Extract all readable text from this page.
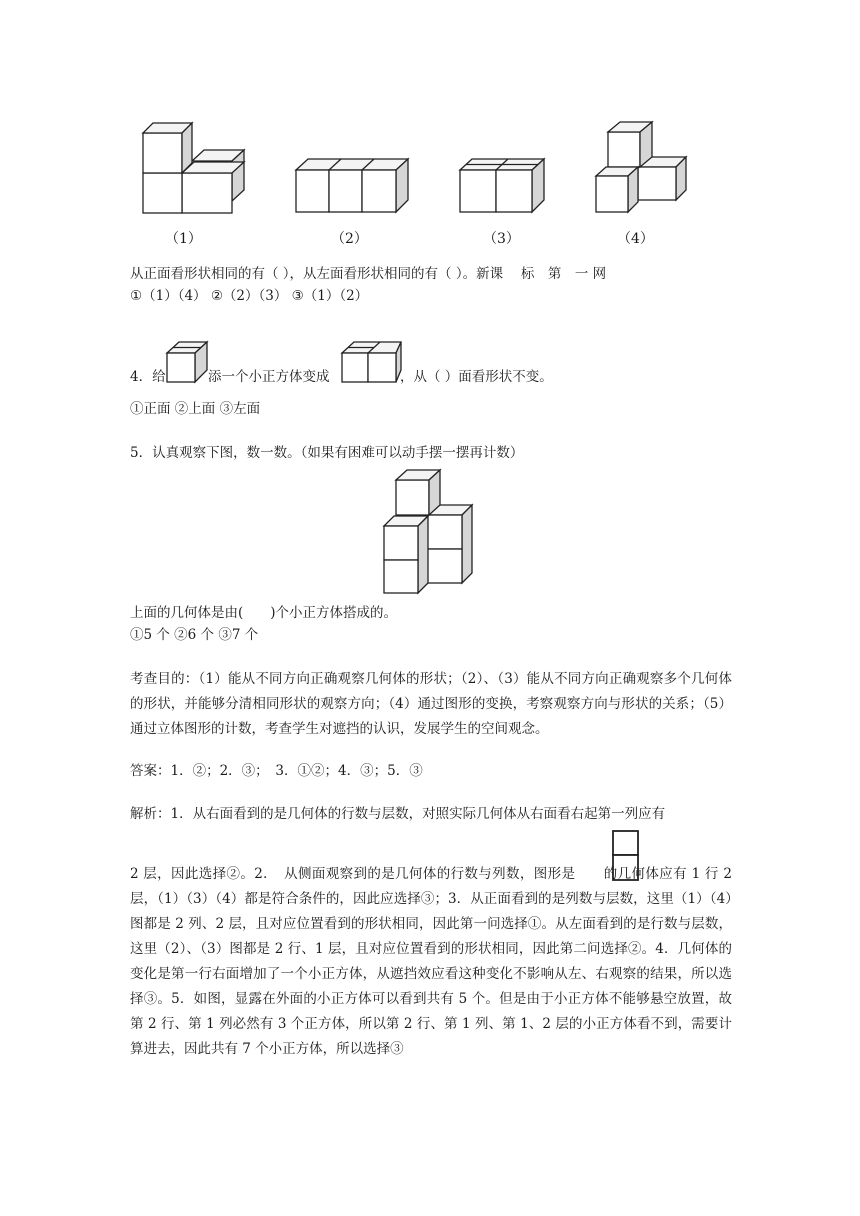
（1）	（2）	（3）	（4）

从正面看形状相同的有（ ），从左面看形状相同的有（ ）。新课　 标　第　一 网

①（1）（4） ②（2）（3） ③（1）（2）

4．给	添一个小正方体变成	，从（ ）面看形状不变。

①正面 ②上面 ③左面

5．认真观察下图，数一数。（如果有困难可以动手摆一摆再计数）

上面的几何体是由(　　)个小正方体搭成的。

①5 个 ②6 个 ③7 个

考查目的：（1）能从不同方向正确观察几何体的形状；（2）、（3）能从不同方向正确观察多个几何体的形状，并能够分清相同形状的观察方向；（4）通过图形的变换，考察观察方向与形状的关系；（5）通过立体图形的计数，考查学生对遮挡的认识，发展学生的空间观念。

答案：1．②；2．③；　3．①②；4．③；5．③

解析：1．从右面看到的是几何体的行数与层数，对照实际几何体从右面看右起第一列应有

2 层，因此选择②。2．　从侧面观察到的是几何体的行数与列数，图形是 的几何体应有 1 行 2 层，（1）（3）（4）都是符合条件的，因此应选择③；3．从正面看到的是列数与层数，这里（1）（4）图都是 2 列、2 层，且对应位置看到的形状相同，因此第一问选择①。从左面看到的是行数与层数，这里（2）、（3）图都是 2 行、1 层，且对应位置看到的形状相同，因此第二问选择②。4．几何体的变化是第一行右面增加了一个小正方体，从遮挡效应看这种变化不影响从左、右观察的结果，所以选择③。5．如图，显露在外面的小正方体可以看到共有 5 个。但是由于小正方体不能够悬空放置，故第 2 行、第 1 列必然有 3 个正方体，所以第 2 行、第 1 列、第 1、2 层的小正方体看不到，需要计算进去，因此共有 7 个小正方体，所以选择③
